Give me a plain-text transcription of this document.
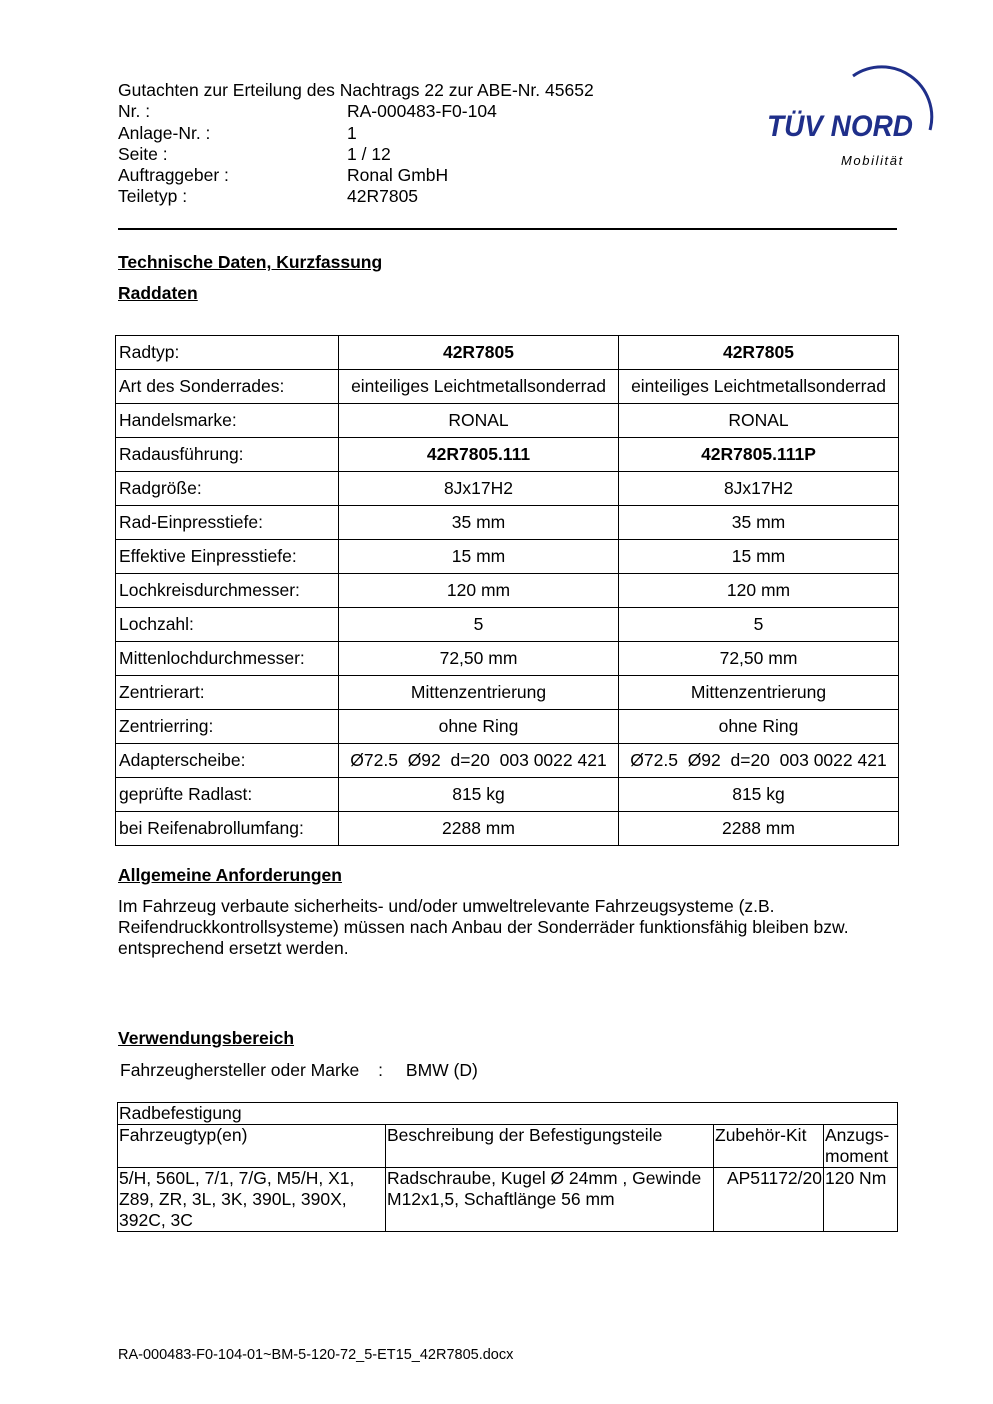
Gutachten zur Erteilung des Nachtrags 22 zur ABE-Nr. 45652
Nr. :	RA-000483-F0-104
Anlage-Nr. :	1
Seite :	1 / 12
Auftraggeber :	Ronal GmbH
Teiletyp :	42R7805
TÜV NORD
Mobilität
Technische Daten, Kurzfassung
Raddaten
Radtyp:	42R7805	42R7805
Art des Sonderrades:	einteiliges Leichtmetallsonderrad	einteiliges Leichtmetallsonderrad
Handelsmarke:	RONAL	RONAL
Radausführung:	42R7805.111	42R7805.111P
Radgröße:	8Jx17H2	8Jx17H2
Rad-Einpresstiefe:	35 mm	35 mm
Effektive Einpresstiefe:	15 mm	15 mm
Lochkreisdurchmesser:	120 mm	120 mm
Lochzahl:	5	5
Mittenlochdurchmesser:	72,50 mm	72,50 mm
Zentrierart:	Mittenzentrierung	Mittenzentrierung
Zentrierring:	ohne Ring	ohne Ring
Adapterscheibe:	Ø72.5  Ø92  d=20  003 0022 421	Ø72.5  Ø92  d=20  003 0022 421
geprüfte Radlast:	815 kg	815 kg
bei Reifenabrollumfang:	2288 mm	2288 mm
Allgemeine Anforderungen
Im Fahrzeug verbaute sicherheits- und/oder umweltrelevante Fahrzeugsysteme (z.B. Reifendruckkontrollsysteme) müssen nach Anbau der Sonderräder funktionsfähig bleiben bzw. entsprechend ersetzt werden.
Verwendungsbereich
Fahrzeughersteller oder Marke : BMW (D)
Radbefestigung			
Fahrzeugtyp(en)	Beschreibung der Befestigungsteile	Zubehör-Kit	Anzugs-moment
5/H, 560L, 7/1, 7/G, M5/H, X1, Z89, ZR, 3L, 3K, 390L, 390X, 392C, 3C	Radschraube, Kugel Ø 24mm , Gewinde M12x1,5, Schaftlänge 56 mm	AP51172/20	120 Nm
RA-000483-F0-104-01~BM-5-120-72_5-ET15_42R7805.docx
